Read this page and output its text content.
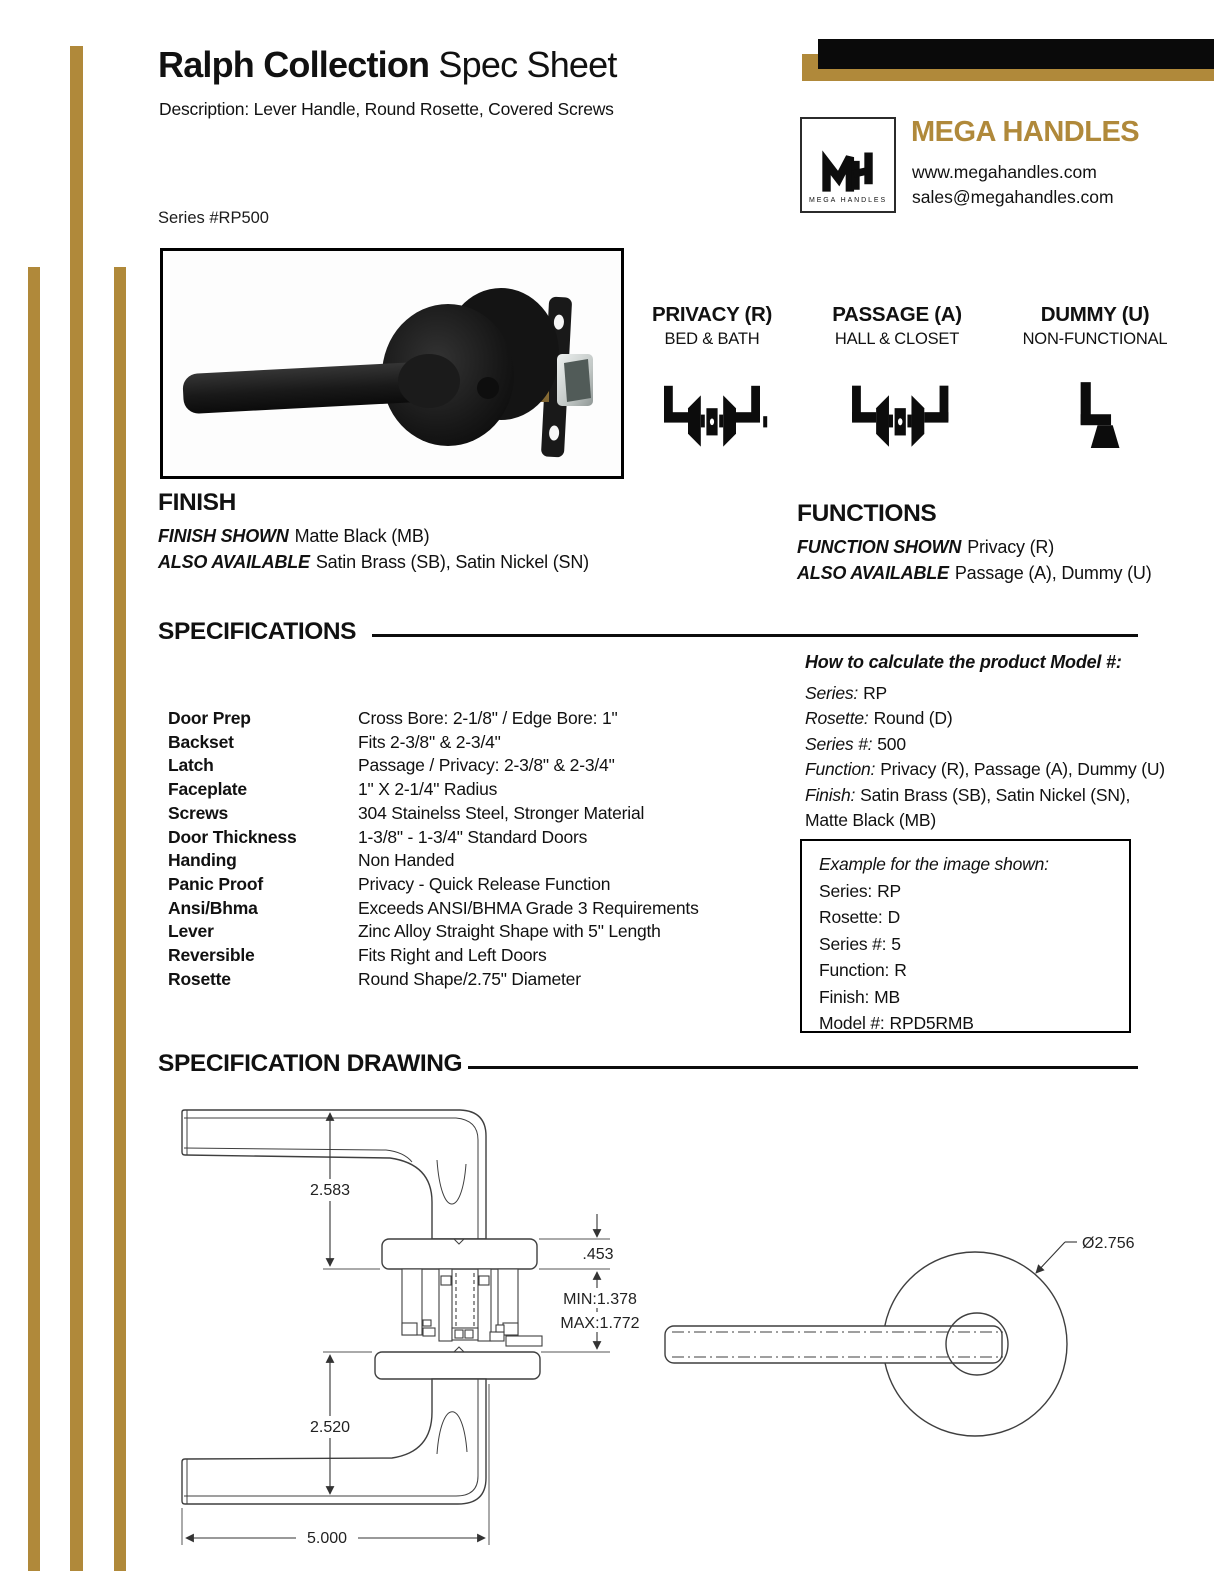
Ralph Collection Spec Sheet
Description: Lever Handle, Round Rosette, Covered Screws
MEGA HANDLES
MEGA HANDLES
www.megahandles.com
sales@megahandles.com
Series #RP500
PRIVACY (R)
BED & BATH
PASSAGE (A)
HALL & CLOSET
DUMMY (U)
NON-FUNCTIONAL
FINISH
FINISH SHOWN Matte Black (MB)
ALSO AVAILABLE Satin Brass (SB), Satin Nickel (SN)
FUNCTIONS
FUNCTION SHOWN Privacy (R)
ALSO AVAILABLE Passage (A), Dummy (U)
SPECIFICATIONS
Door Prep	Cross Bore: 2-1/8" / Edge Bore: 1"
Backset	Fits 2-3/8" & 2-3/4"
Latch	Passage / Privacy: 2-3/8" & 2-3/4"
Faceplate	1" X 2-1/4" Radius
Screws	304 Stainelss Steel, Stronger Material
Door Thickness	1-3/8" - 1-3/4" Standard Doors
Handing	Non Handed
Panic Proof	Privacy - Quick Release Function
Ansi/Bhma	Exceeds ANSI/BHMA Grade 3 Requirements
Lever	Zinc Alloy Straight Shape with 5" Length
Reversible	Fits Right and Left Doors
Rosette	Round Shape/2.75" Diameter
How to calculate the product Model #:
Series: RP
Rosette: Round (D)
Series #: 500
Function: Privacy (R), Passage (A), Dummy (U)
Finish: Satin Brass (SB), Satin Nickel (SN), Matte Black (MB)
Example for the image shown:
Series: RP
Rosette: D
Series #: 5
Function: R
Finish: MB
Model #: RPD5RMB
SPECIFICATION DRAWING
2.583
.453
MIN:1.378
MAX:1.772
2.520
5.000
Ø2.756
